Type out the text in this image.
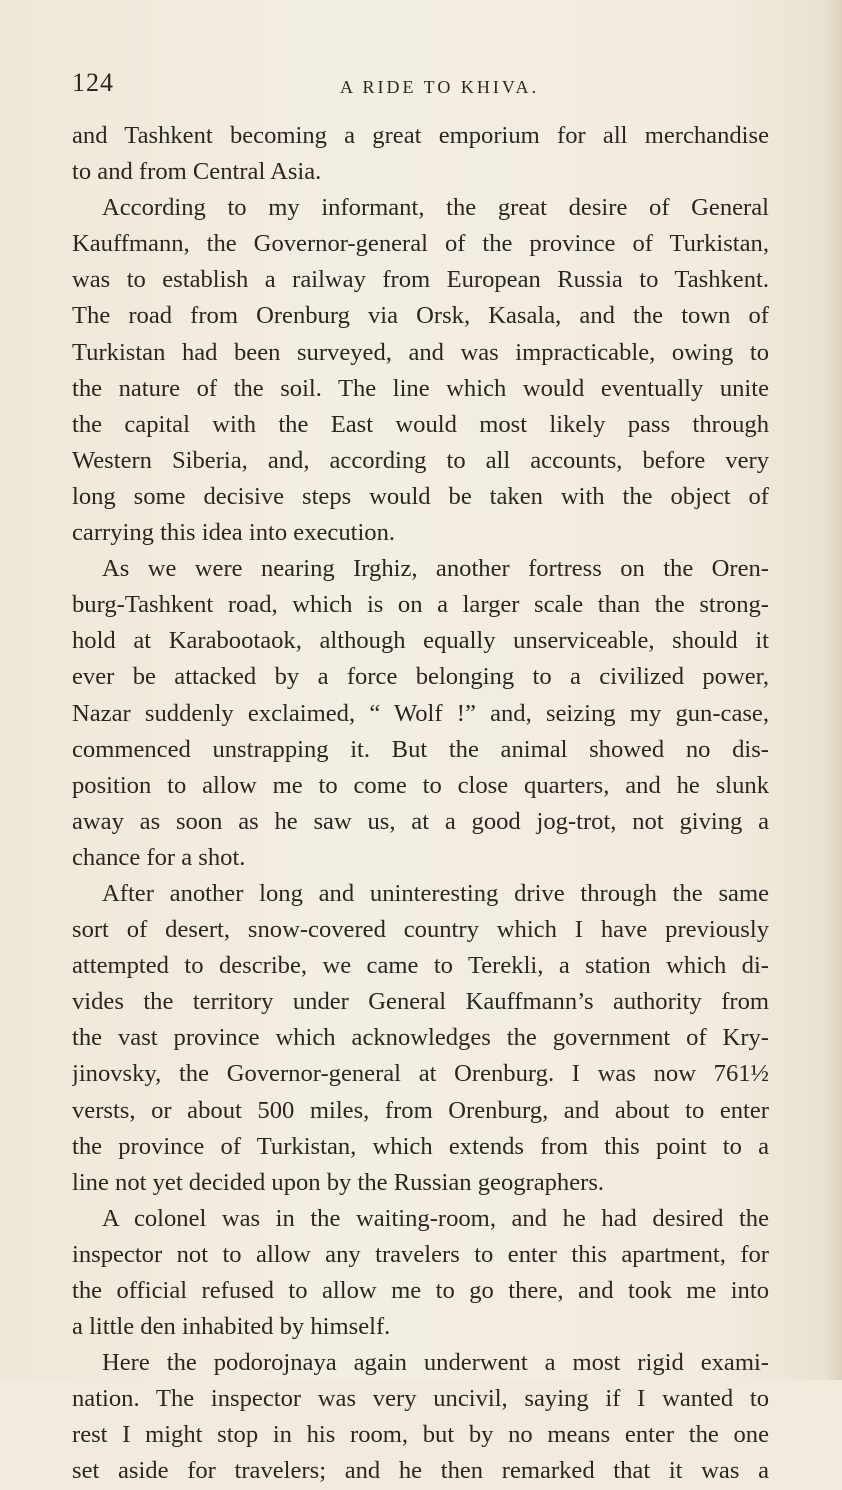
124	A RIDE TO KHIVA.
and Tashkent becoming a great emporium for all merchandise
to and from Central Asia.
According to my informant, the great desire of General
Kauffmann, the Governor-general of the province of Turkistan,
was to establish a railway from European Russia to Tashkent.
The road from Orenburg via Orsk, Kasala, and the town of
Turkistan had been surveyed, and was impracticable, owing to
the nature of the soil. The line which would eventually unite
the capital with the East would most likely pass through
Western Siberia, and, according to all accounts, before very
long some decisive steps would be taken with the object of
carrying this idea into execution.
As we were nearing Irghiz, another fortress on the Oren-
burg-Tashkent road, which is on a larger scale than the strong-
hold at Karabootaok, although equally unserviceable, should it
ever be attacked by a force belonging to a civilized power,
Nazar suddenly exclaimed, “ Wolf !” and, seizing my gun-case,
commenced unstrapping it. But the animal showed no dis-
position to allow me to come to close quarters, and he slunk
away as soon as he saw us, at a good jog-trot, not giving a
chance for a shot.
After another long and uninteresting drive through the same
sort of desert, snow-covered country which I have previously
attempted to describe, we came to Terekli, a station which di-
vides the territory under General Kauffmann’s authority from
the vast province which acknowledges the government of Kry-
jinovsky, the Governor-general at Orenburg. I was now 761½
versts, or about 500 miles, from Orenburg, and about to enter
the province of Turkistan, which extends from this point to a
line not yet decided upon by the Russian geographers.
A colonel was in the waiting-room, and he had desired the
inspector not to allow any travelers to enter this apartment, for
the official refused to allow me to go there, and took me into
a little den inhabited by himself.
Here the podorojnaya again underwent a most rigid exami-
nation. The inspector was very uncivil, saying if I wanted to
rest I might stop in his room, but by no means enter the one
set aside for travelers; and he then remarked that it was a
